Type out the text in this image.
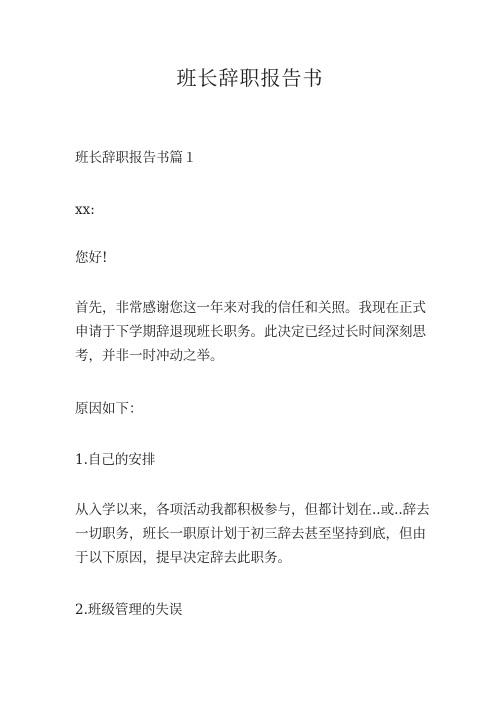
班长辞职报告书
班长辞职报告书篇１
xx:
您好!
首先，非常感谢您这一年来对我的信任和关照。我现在正式申请于下学期辞退现班长职务。此决定已经过长时间深刻思考，并非一时冲动之举。
原因如下：
1.自己的安排
从入学以来，各项活动我都积极参与，但都计划在..或..辞去一切职务，班长一职原计划于初三辞去甚至坚持到底，但由于以下原因，提早决定辞去此职务。
2.班级管理的失误
